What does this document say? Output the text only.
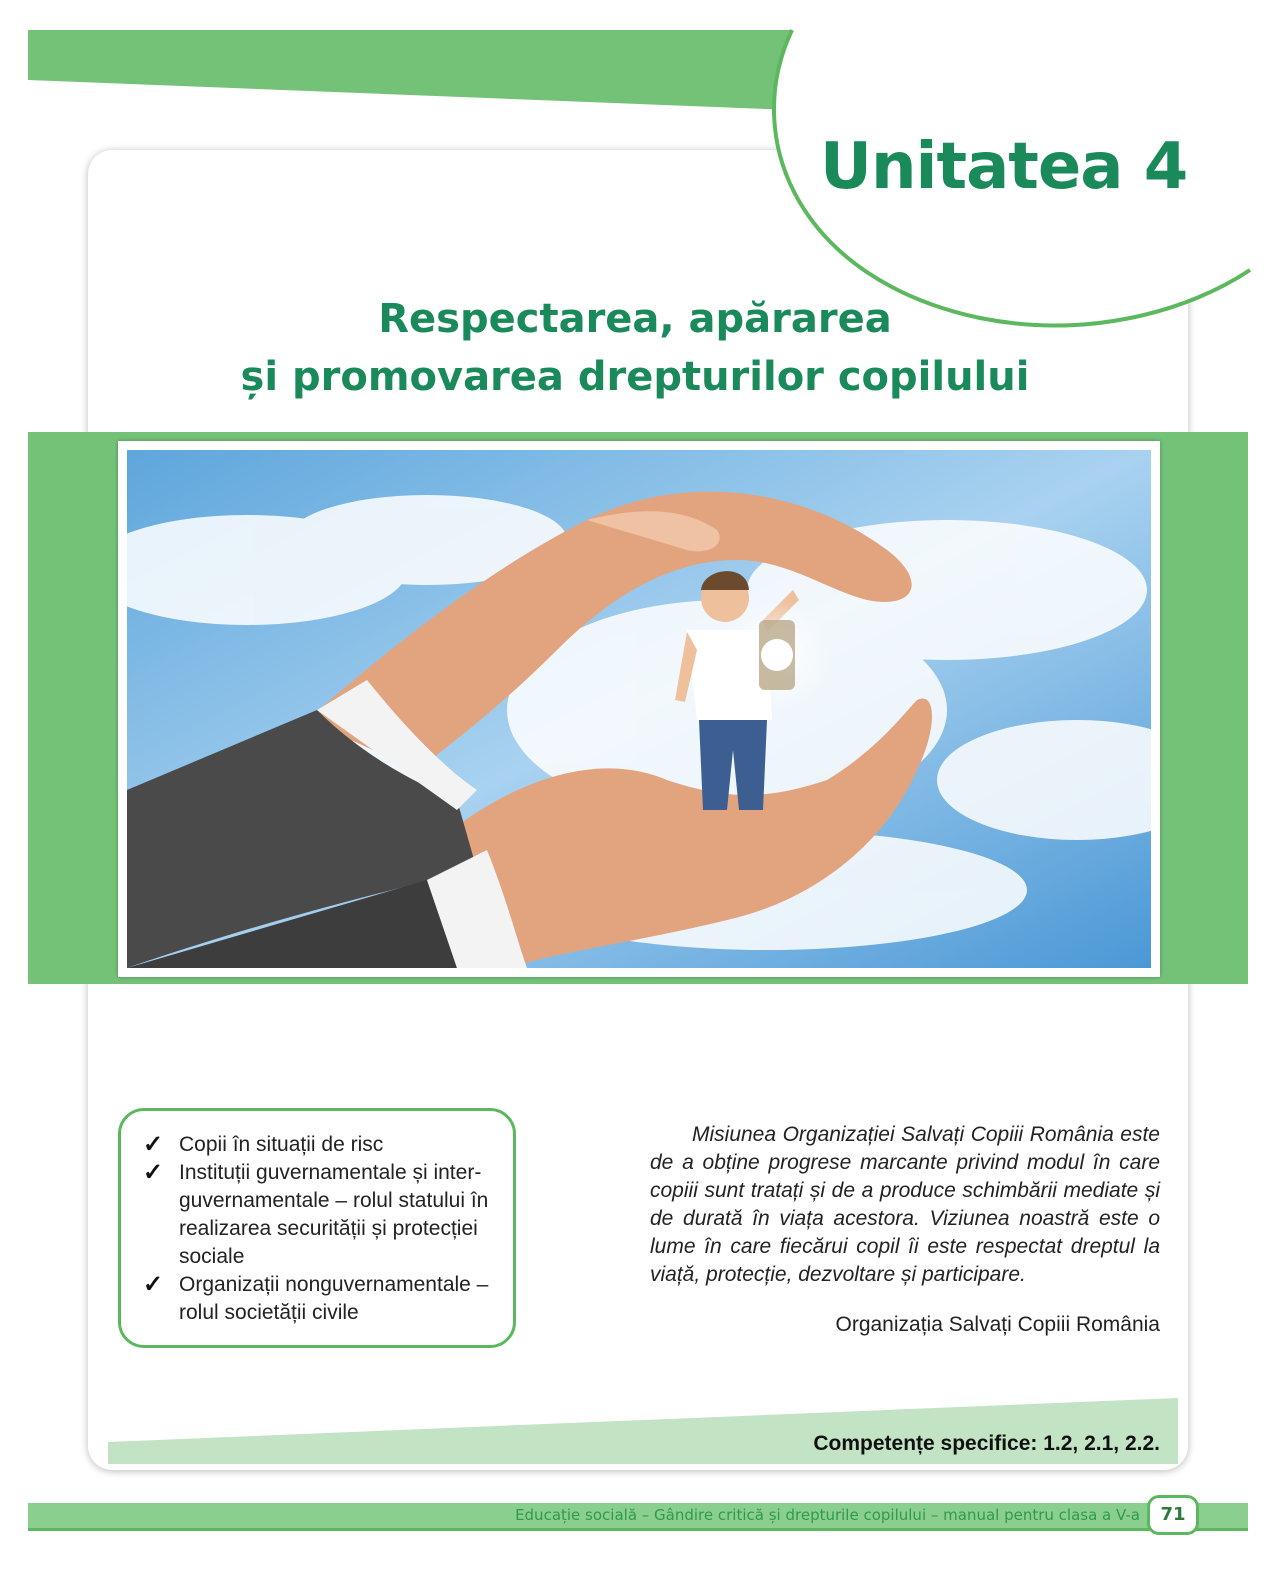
Unitatea 4
Respectarea, apărarea
și promovarea drepturilor copilului
✓ Copii în situații de risc
✓ Instituții guvernamentale și inter-guvernamentale – rolul statului în realizarea securității și protecției sociale
✓ Organizații nonguvernamentale – rolul societății civile
Misiunea Organizației Salvați Copiii România este de a obține progrese marcante privind modul în care copiii sunt tratați și de a produce schimbării mediate și de durată în viața acestora. Viziunea noastră este o lume în care fiecărui copil îi este respectat dreptul la viață, protecție, dezvoltare și participare.
Organizația Salvați Copiii România
Competențe specifice: 1.2, 2.1, 2.2.
Educație socială – Gândire critică și drepturile copilului – manual pentru clasa a V-a	71
